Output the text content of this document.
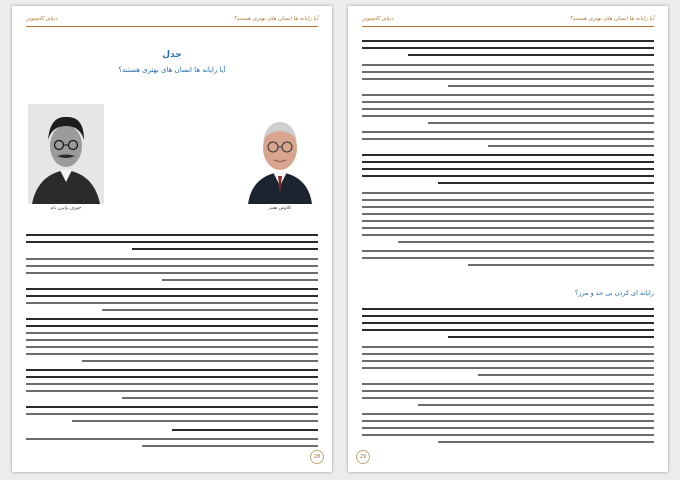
آیا رایانه ها انسان های بهتری هستند؟
دنیای کامپیوتر
جدل
آیا رایانه ها انسان های بهتری هستند؟
کلاوس هفنر
جوزف وایزن بام
28
آیا رایانه ها انسان های بهتری هستند؟
دنیای کامپیوتر
رایانه ای کردن بی حد و مرز؟
29
